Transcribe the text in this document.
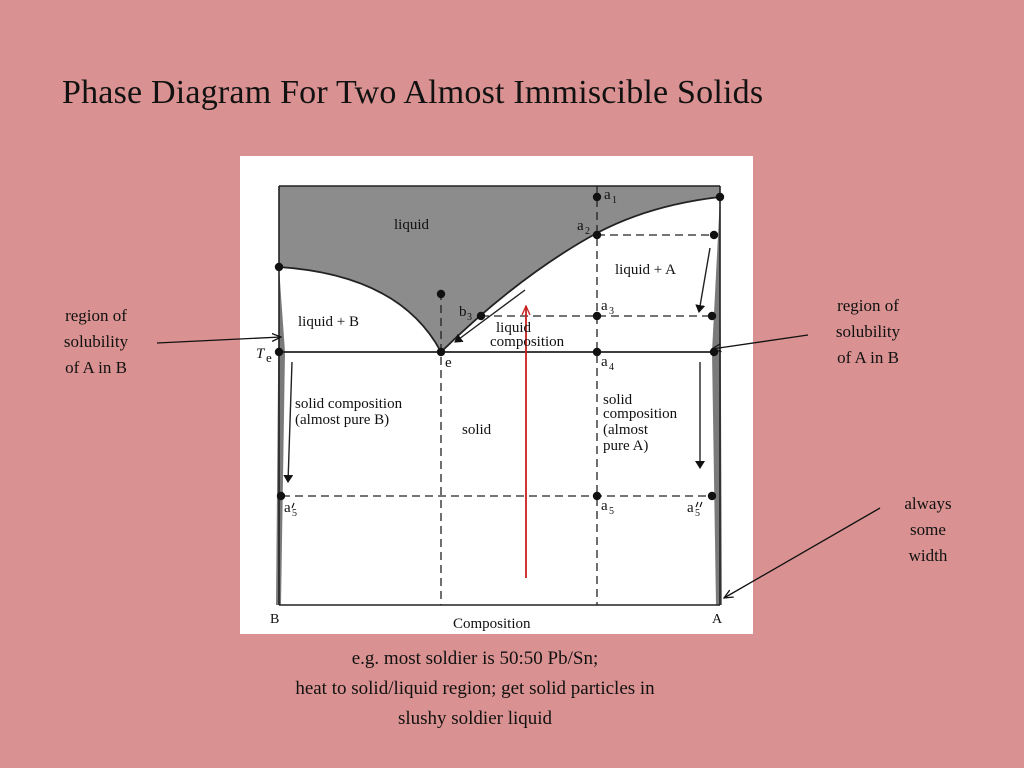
Phase Diagram For Two Almost Immiscible Solids
region of
solubility
of A in B
region of
solubility
of A in B
always
some
width
e.g. most soldier is 50:50 Pb/Sn;
heat to solid/liquid region; get solid particles in
slushy soldier liquid
liquid
liquid + B
liquid + A
liquid
composition
solid
solid composition
(almost pure B)
solid
composition
(almost
pure A)
T e	e
b 3
a 1
a 2
a 3
a 4
a 5
a 5	a 5
B	A
Composition
